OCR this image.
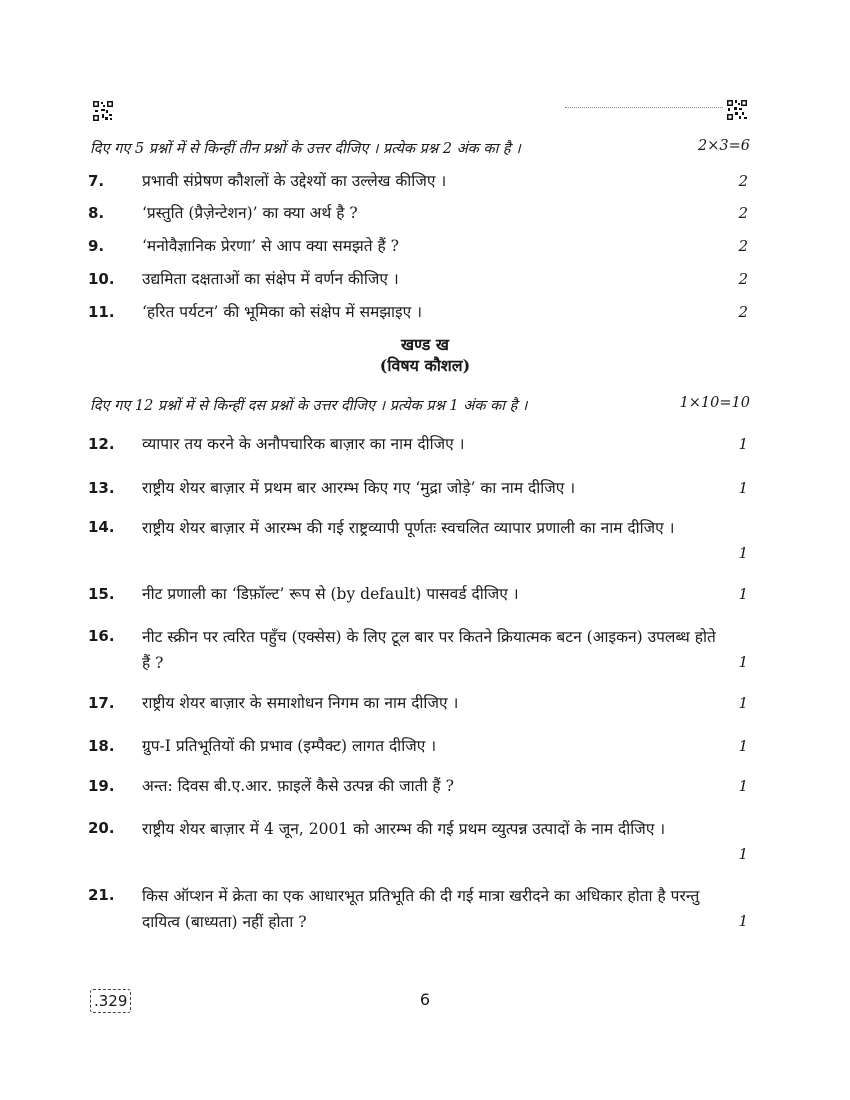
दिए गए 5 प्रश्नों में से किन्हीं तीन प्रश्नों के उत्तर दीजिए । प्रत्येक प्रश्न 2 अंक का है ।	2×3=6
7. प्रभावी संप्रेषण कौशलों के उद्देश्यों का उल्लेख कीजिए ।	2
8. ‘प्रस्तुति (प्रैज़ेन्टेशन)’ का क्या अर्थ है ?	2
9. ‘मनोवैज्ञानिक प्रेरणा’ से आप क्या समझते हैं ?	2
10. उद्यमिता दक्षताओं का संक्षेप में वर्णन कीजिए ।	2
11. ‘हरित पर्यटन’ की भूमिका को संक्षेप में समझाइए ।	2
खण्ड ख
(विषय कौशल)
दिए गए 12 प्रश्नों में से किन्हीं दस प्रश्नों के उत्तर दीजिए । प्रत्येक प्रश्न 1 अंक का है ।	1×10=10
12. व्यापार तय करने के अनौपचारिक बाज़ार का नाम दीजिए ।	1
13. राष्ट्रीय शेयर बाज़ार में प्रथम बार आरम्भ किए गए ‘मुद्रा जोड़े’ का नाम दीजिए ।	1
14. राष्ट्रीय शेयर बाज़ार में आरम्भ की गई राष्ट्रव्यापी पूर्णतः स्वचलित व्यापार प्रणाली का नाम दीजिए ।
1
15. नीट प्रणाली का ‘डिफ़ॉल्ट’ रूप से (by default) पासवर्ड दीजिए ।	1
16. नीट स्क्रीन पर त्वरित पहुँच (एक्सेस) के लिए टूल बार पर कितने क्रियात्मक बटन (आइकन) उपलब्ध होते हैं ?	1
17. राष्ट्रीय शेयर बाज़ार के समाशोधन निगम का नाम दीजिए ।	1
18. ग्रुप-I प्रतिभूतियों की प्रभाव (इम्पैक्ट) लागत दीजिए ।	1
19. अन्त: दिवस बी.ए.आर. फ़ाइलें कैसे उत्पन्न की जाती हैं ?	1
20. राष्ट्रीय शेयर बाज़ार में 4 जून, 2001 को आरम्भ की गई प्रथम व्युत्पन्न उत्पादों के नाम दीजिए ।
1
21. किस ऑप्शन में क्रेता का एक आधारभूत प्रतिभूति की दी गई मात्रा खरीदने का अधिकार होता है परन्तु दायित्व (बाध्यता) नहीं होता ?	1
.329	6
